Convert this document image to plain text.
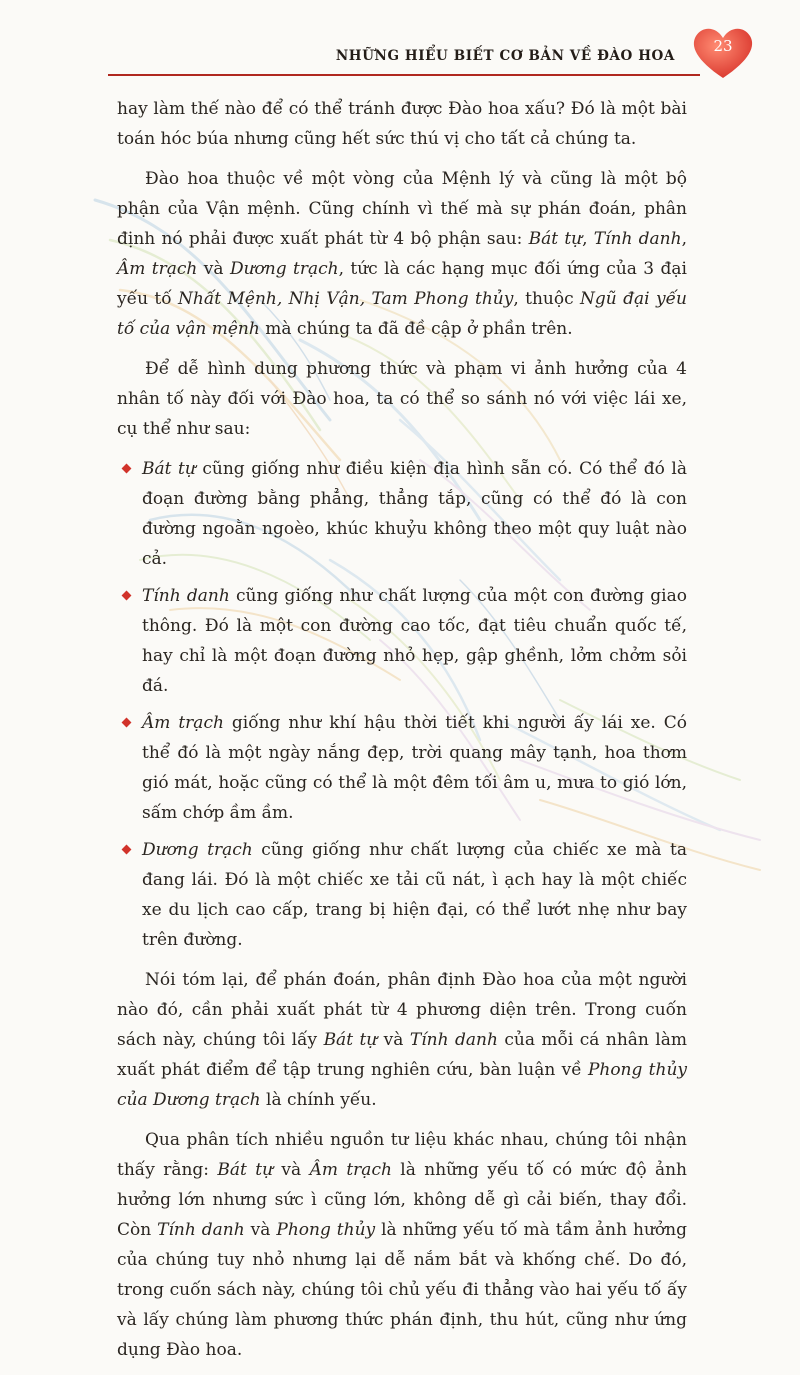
NHỮNG HIỂU BIẾT CƠ BẢN VỀ ĐÀO HOA
23

hay làm thế nào để có thể tránh được Đào hoa xấu? Đó là một bài toán hóc búa nhưng cũng hết sức thú vị cho tất cả chúng ta.

Đào hoa thuộc về một vòng của Mệnh lý và cũng là một bộ phận của Vận mệnh. Cũng chính vì thế mà sự phán đoán, phân định nó phải được xuất phát từ 4 bộ phận sau: Bát tự, Tính danh, Âm trạch và Dương trạch, tức là các hạng mục đối ứng của 3 đại yếu tố Nhất Mệnh, Nhị Vận, Tam Phong thủy, thuộc Ngũ đại yếu tố của vận mệnh mà chúng ta đã đề cập ở phần trên.

Để dễ hình dung phương thức và phạm vi ảnh hưởng của 4 nhân tố này đối với Đào hoa, ta có thể so sánh nó với việc lái xe, cụ thể như sau:

Bát tự cũng giống như điều kiện địa hình sẵn có. Có thể đó là đoạn đường bằng phẳng, thẳng tắp, cũng có thể đó là con đường ngoằn ngoèo, khúc khuỷu không theo một quy luật nào cả.
Tính danh cũng giống như chất lượng của một con đường giao thông. Đó là một con đường cao tốc, đạt tiêu chuẩn quốc tế, hay chỉ là một đoạn đường nhỏ hẹp, gập ghềnh, lởm chởm sỏi đá.
Âm trạch giống như khí hậu thời tiết khi người ấy lái xe. Có thể đó là một ngày nắng đẹp, trời quang mây tạnh, hoa thơm gió mát, hoặc cũng có thể là một đêm tối âm u, mưa to gió lớn, sấm chớp ầm ầm.
Dương trạch cũng giống như chất lượng của chiếc xe mà ta đang lái. Đó là một chiếc xe tải cũ nát, ì ạch hay là một chiếc xe du lịch cao cấp, trang bị hiện đại, có thể lướt nhẹ như bay trên đường.

Nói tóm lại, để phán đoán, phân định Đào hoa của một người nào đó, cần phải xuất phát từ 4 phương diện trên. Trong cuốn sách này, chúng tôi lấy Bát tự và Tính danh của mỗi cá nhân làm xuất phát điểm để tập trung nghiên cứu, bàn luận về Phong thủy của Dương trạch là chính yếu.

Qua phân tích nhiều nguồn tư liệu khác nhau, chúng tôi nhận thấy rằng: Bát tự và Âm trạch là những yếu tố có mức độ ảnh hưởng lớn nhưng sức ì cũng lớn, không dễ gì cải biến, thay đổi. Còn Tính danh và Phong thủy là những yếu tố mà tầm ảnh hưởng của chúng tuy nhỏ nhưng lại dễ nắm bắt và khống chế. Do đó, trong cuốn sách này, chúng tôi chủ yếu đi thẳng vào hai yếu tố ấy và lấy chúng làm phương thức phán định, thu hút, cũng như ứng dụng Đào hoa.
